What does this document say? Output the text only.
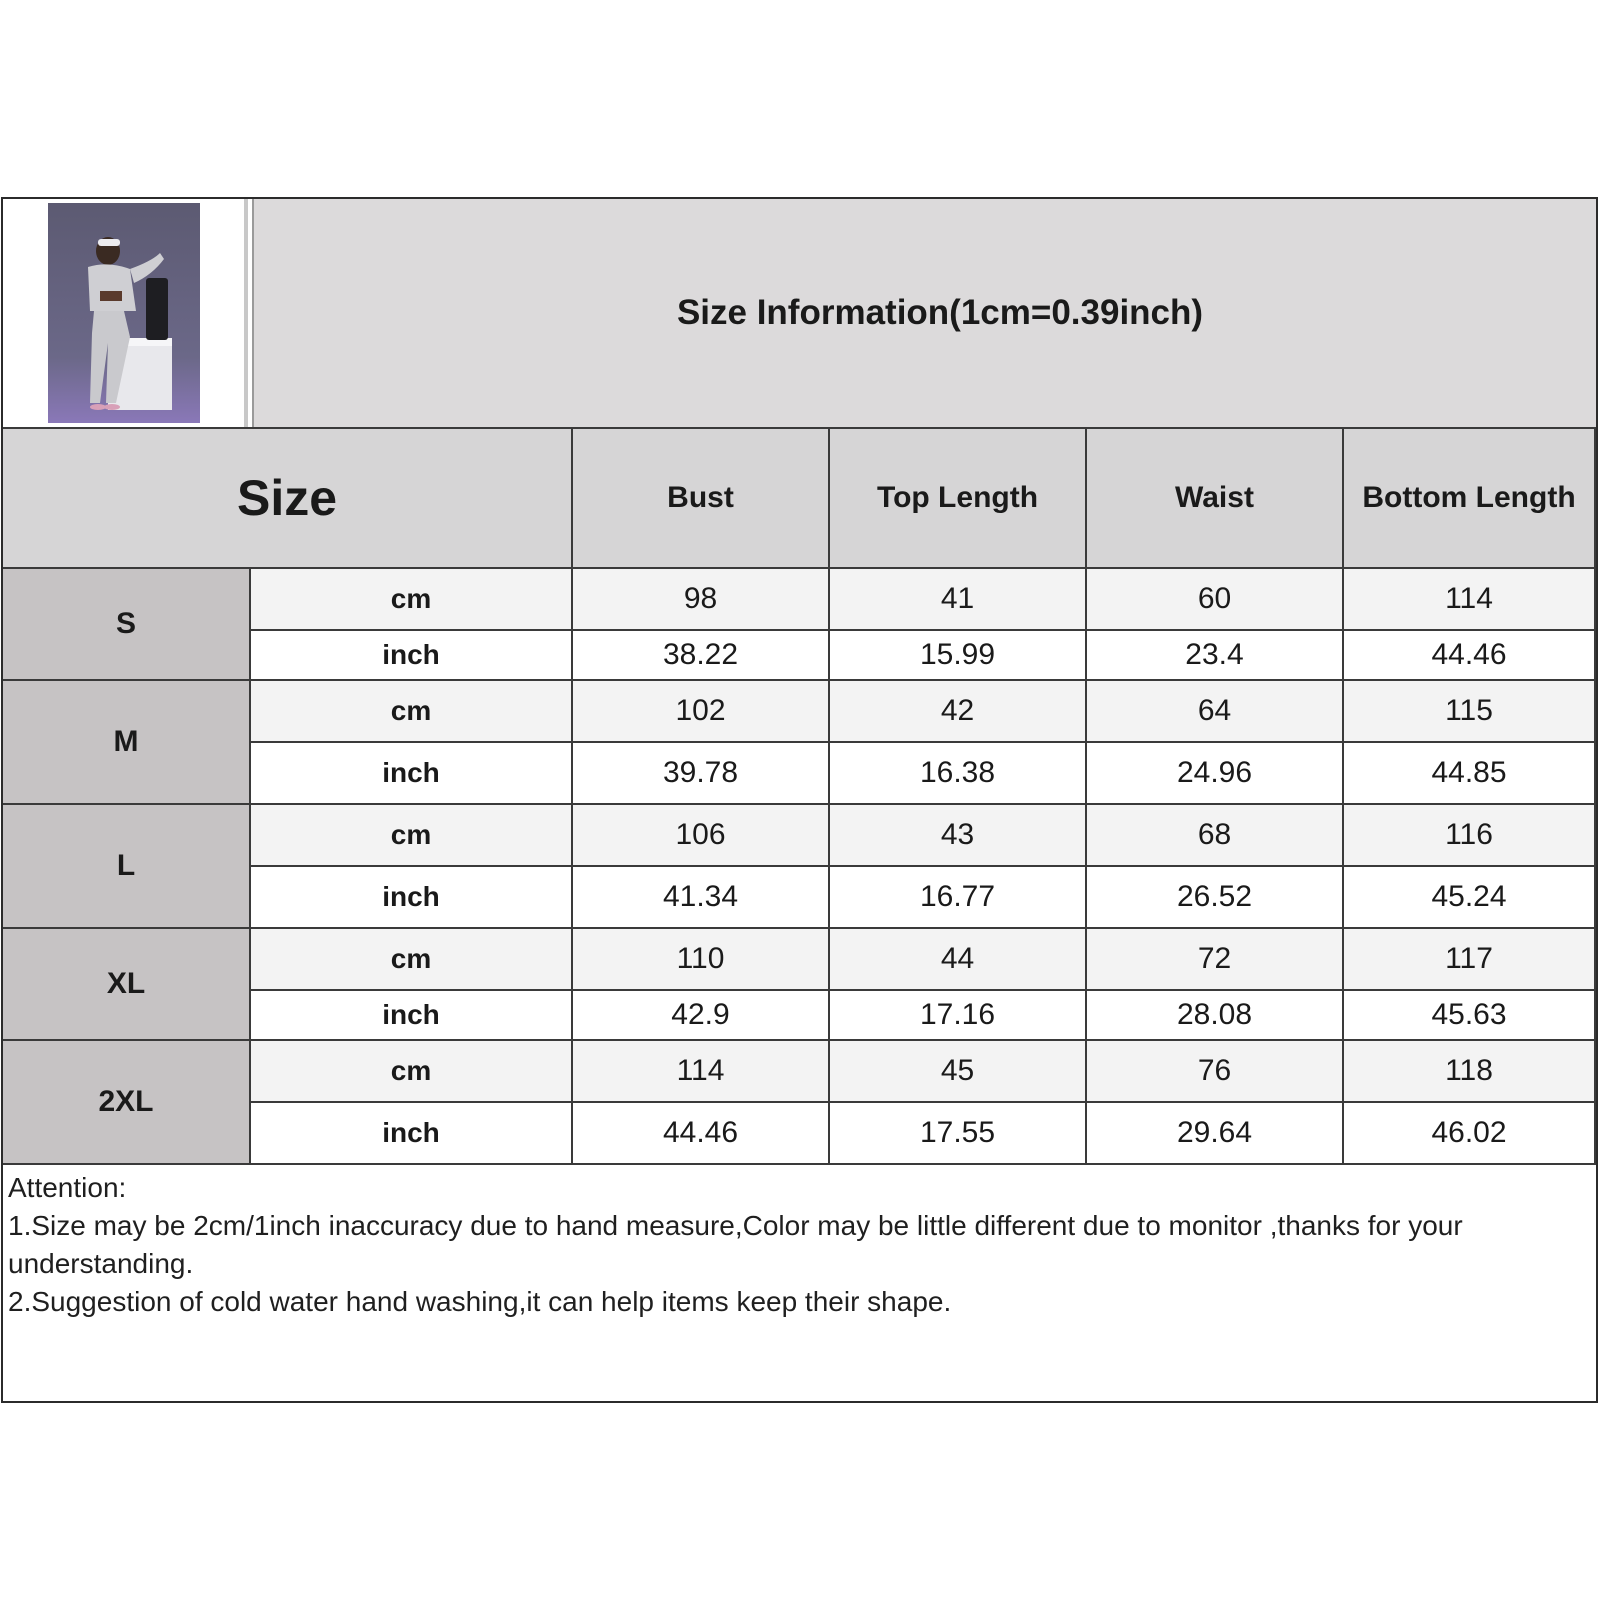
Size Information(1cm=0.39inch)
Size	Bust	Top Length	Waist	Bottom Length
S
cm	98	41	60	114
inch	38.22	15.99	23.4	44.46
M
cm	102	42	64	115
inch	39.78	16.38	24.96	44.85
L
cm	106	43	68	116
inch	41.34	16.77	26.52	45.24
XL
cm	110	44	72	117
inch	42.9	17.16	28.08	45.63
2XL
cm	114	45	76	118
inch	44.46	17.55	29.64	46.02
Attention:
1.Size may be 2cm/1inch inaccuracy due to hand measure,Color may be little different due to monitor ,thanks for your understanding.
2.Suggestion of cold water hand washing,it can help items keep their shape.
